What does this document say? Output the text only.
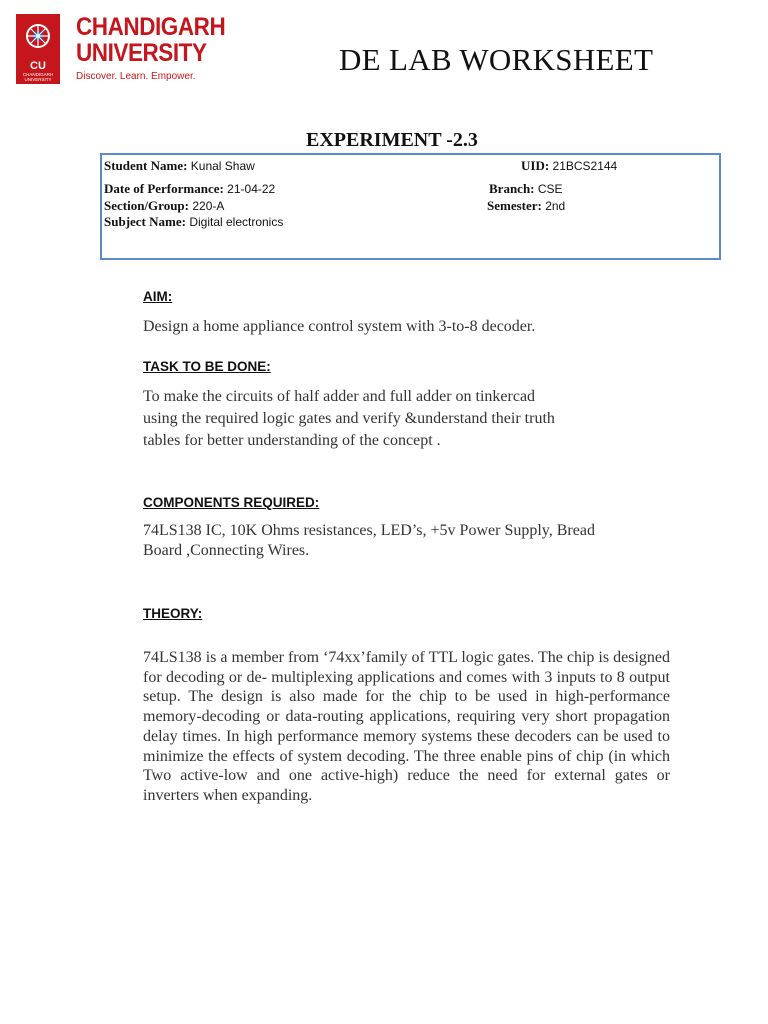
CU
CHANDIGARH UNIVERSITY
CHANDIGARH
UNIVERSITY
Discover. Learn. Empower.	DE LAB WORKSHEET
EXPERIMENT -2.3
Student Name: Kunal Shaw	UID: 21BCS2144
Date of Performance: 21-04-22	Branch: CSE
Section/Group: 220-A	Semester: 2nd
Subject Name: Digital electronics
AIM:
Design a home appliance control system with 3-to-8 decoder.
TASK TO BE DONE:
To make the circuits of half adder and full adder on tinkercad
using the required logic gates and verify &understand their truth
tables for better understanding of the concept .
COMPONENTS REQUIRED:
74LS138 IC, 10K Ohms resistances, LED’s, +5v Power Supply, Bread
Board ,Connecting Wires.
THEORY:
74LS138 is a member from ‘74xx’family of TTL logic gates. The chip is designed for decoding or de- multiplexing applications and comes with 3 inputs to 8 output setup. The design is also made for the chip to be used in high-performance memory-decoding or data-routing applications, requiring very short propagation delay times. In high performance memory systems these decoders can be used to minimize the effects of system decoding. The three enable pins of chip (in which Two active-low and one active-high) reduce the need for external gates or inverters when expanding.
